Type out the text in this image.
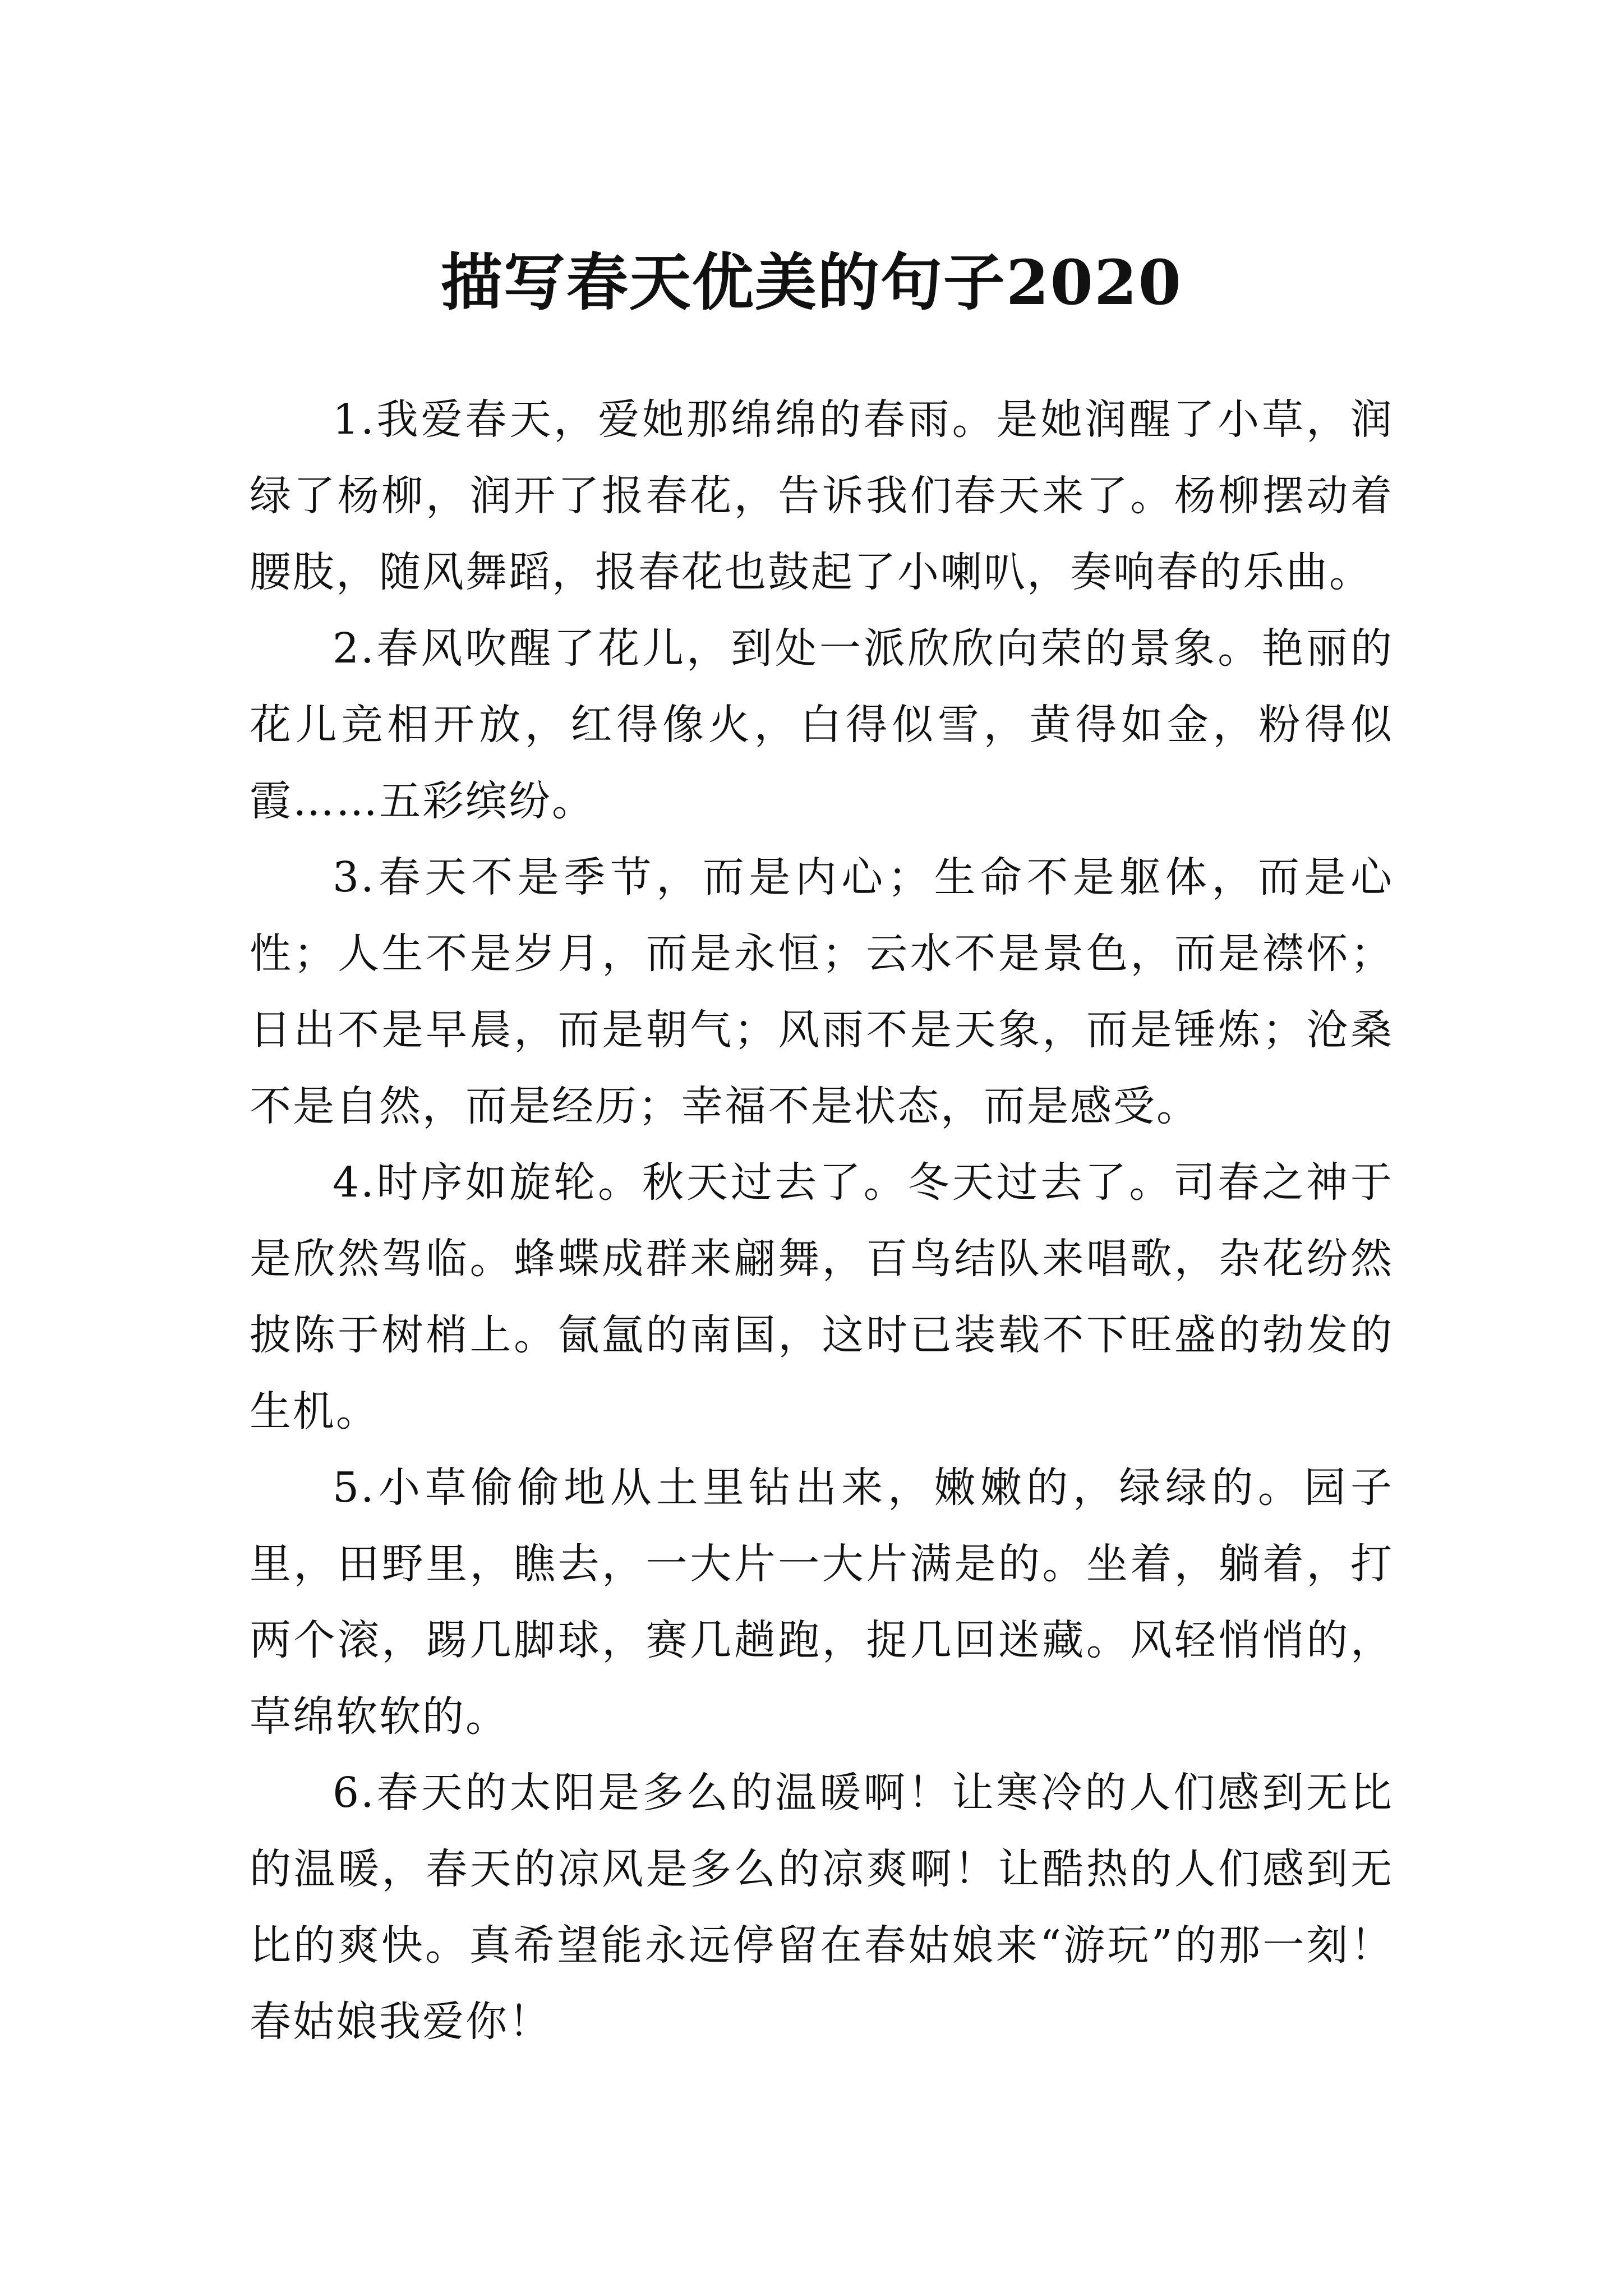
描写春天优美的句子2020

1.我爱春天，爱她那绵绵的春雨。是她润醒了小草，润绿了杨柳，润开了报春花，告诉我们春天来了。杨柳摆动着腰肢，随风舞蹈，报春花也鼓起了小喇叭，奏响春的乐曲。

2.春风吹醒了花儿，到处一派欣欣向荣的景象。艳丽的花儿竞相开放，红得像火，白得似雪，黄得如金，粉得似霞……五彩缤纷。

3.春天不是季节，而是内心；生命不是躯体，而是心性；人生不是岁月，而是永恒；云水不是景色，而是襟怀；日出不是早晨，而是朝气；风雨不是天象，而是锤炼；沧桑不是自然，而是经历；幸福不是状态，而是感受。

4.时序如旋轮。秋天过去了。冬天过去了。司春之神于是欣然驾临。蜂蝶成群来翩舞，百鸟结队来唱歌，杂花纷然披陈于树梢上。氤氲的南国，这时已装载不下旺盛的勃发的生机。

5.小草偷偷地从土里钻出来，嫩嫩的，绿绿的。园子里，田野里，瞧去，一大片一大片满是的。坐着，躺着，打两个滚，踢几脚球，赛几趟跑，捉几回迷藏。风轻悄悄的，草绵软软的。

6.春天的太阳是多么的温暖啊！让寒冷的人们感到无比的温暖，春天的凉风是多么的凉爽啊！让酷热的人们感到无比的爽快。真希望能永远停留在春姑娘来“游玩”的那一刻！春姑娘我爱你！
